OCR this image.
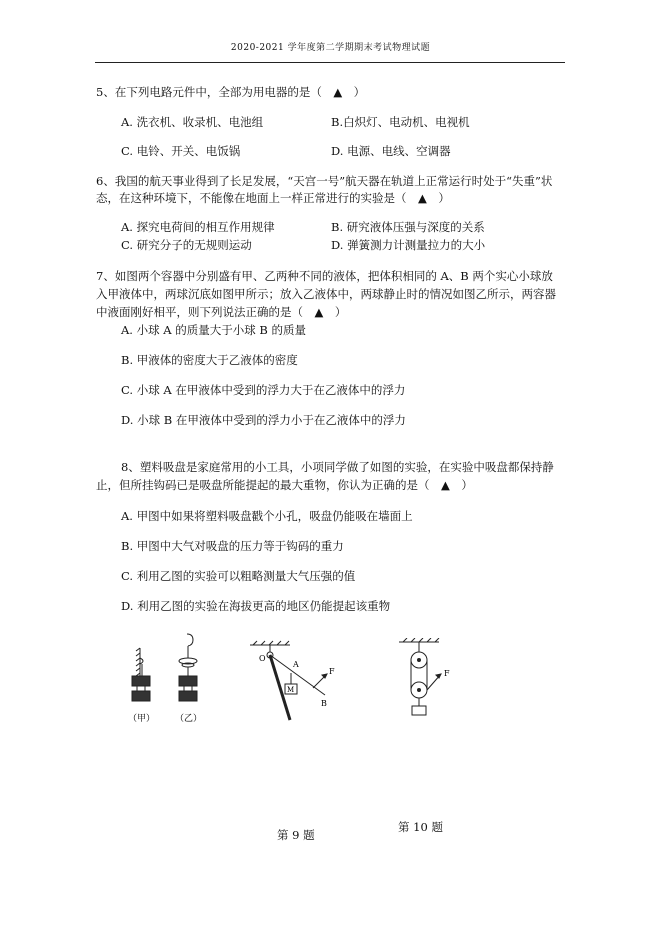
2020-2021 学年度第二学期期末考试物理试题
5、在下列电路元件中，全部为用电器的是（　▲　）
A. 洗衣机、收录机、电池组	B.白炽灯、电动机、电视机
C. 电铃、开关、电饭锅	D. 电源、电线、空调器
6、我国的航天事业得到了长足发展，“天宫一号”航天器在轨道上正常运行时处于“失重”状
态，在这种环境下，不能像在地面上一样正常进行的实验是（　▲　）
A. 探究电荷间的相互作用规律	B. 研究液体压强与深度的关系
C. 研究分子的无规则运动	D. 弹簧测力计测量拉力的大小
7、如图两个容器中分别盛有甲、乙两种不同的液体，把体积相同的 A、B 两个实心小球放
入甲液体中，两球沉底如图甲所示；放入乙液体中，两球静止时的情况如图乙所示，两容器
中液面刚好相平，则下列说法正确的是（　▲　）
A. 小球 A 的质量大于小球 B 的质量
B. 甲液体的密度大于乙液体的密度
C. 小球 A 在甲液体中受到的浮力大于在乙液体中的浮力
D. 小球 B 在甲液体中受到的浮力小于在乙液体中的浮力
8、塑料吸盘是家庭常用的小工具，小项同学做了如图的实验，在实验中吸盘都保持静
止，但所挂钩码已是吸盘所能提起的最大重物，你认为正确的是（　▲　）
A. 甲图中如果将塑料吸盘戳个小孔，吸盘仍能吸在墙面上
B. 甲图中大气对吸盘的压力等于钩码的重力
C. 利用乙图的实验可以粗略测量大气压强的值
D. 利用乙图的实验在海拔更高的地区仍能提起该重物
（甲） （乙）
O
A
M
B
F	F
第 10 题
第 9 题
